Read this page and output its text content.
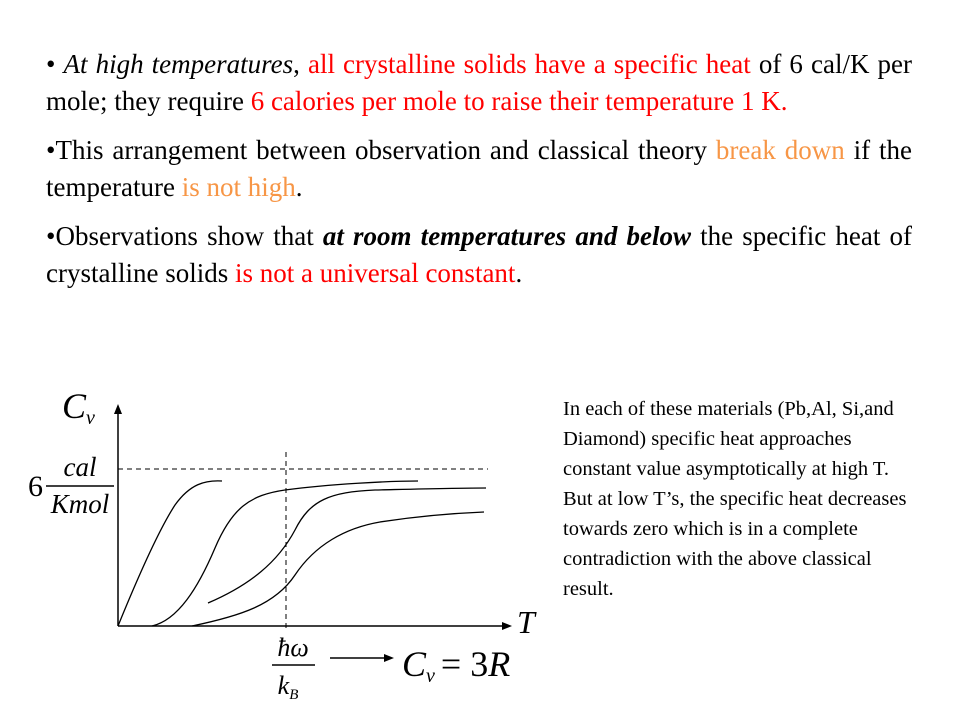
• At high temperatures, all crystalline solids have a specific heat of 6 cal/K per mole; they require 6 calories per mole to raise their temperature 1 K.

•This arrangement between observation and classical theory break down if the temperature is not high.

•Observations show that at room temperatures and below the specific heat of crystalline solids is not a universal constant.

Cv
T
6
cal
Kmol
ħω
kB
Cv = 3R
In each of these materials (Pb,Al, Si,and Diamond) specific heat approaches constant value asymptotically at high T. But at low T’s, the specific heat decreases towards zero which is in a complete contradiction with the above classical result.
